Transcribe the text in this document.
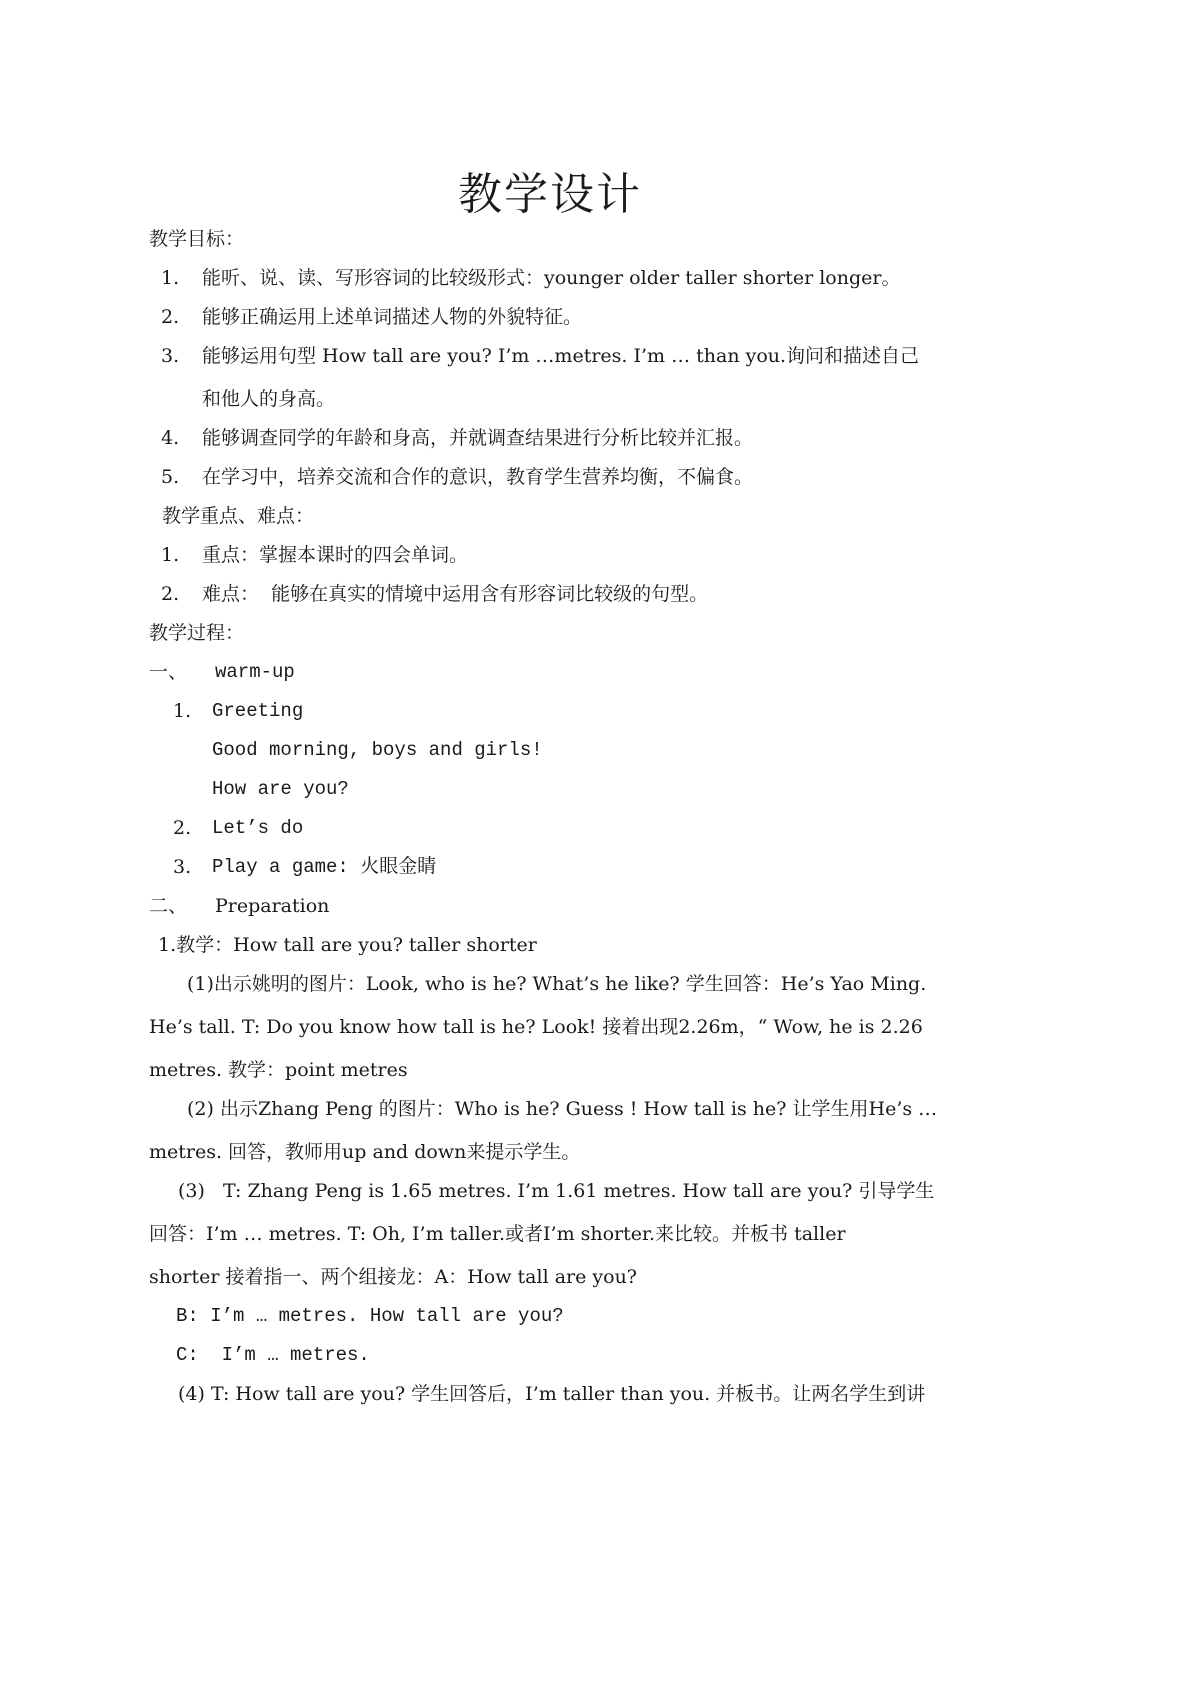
教学设计
教学目标：
1. 能听、说、读、写形容词的比较级形式：younger older taller shorter longer。
2. 能够正确运用上述单词描述人物的外貌特征。
3. 能够运用句型 How tall are you? I’m …metres. I’m … than you.询问和描述自己
和他人的身高。
4. 能够调查同学的年龄和身高，并就调查结果进行分析比较并汇报。
5. 在学习中，培养交流和合作的意识，教育学生营养均衡，不偏食。
教学重点、难点：
1. 重点：掌握本课时的四会单词。
2. 难点：  能够在真实的情境中运用含有形容词比较级的句型。
教学过程：
一、 warm-up
1. Greeting
Good morning, boys and girls!
How are you?
2. Let’s do
3. Play a game: 火眼金睛
二、 Preparation
1.教学：How tall are you? taller shorter
(1)出示姚明的图片：Look, who is he? What’s he like? 学生回答：He’s Yao Ming.
He’s tall. T: Do you know how tall is he? Look! 接着出现2.26m，“ Wow, he is 2.26
metres. 教学：point metres
(2) 出示Zhang Peng 的图片：Who is he? Guess ! How tall is he? 让学生用He’s …
metres. 回答，教师用up and down来提示学生。
(3)   T: Zhang Peng is 1.65 metres. I’m 1.61 metres. How tall are you? 引导学生
回答：I’m … metres. T: Oh, I’m taller.或者I’m shorter.来比较。并板书 taller
shorter 接着指一、两个组接龙：A：How tall are you?
B: I’m … metres. How tall are you?
C:  I’m … metres.
(4) T: How tall are you? 学生回答后，I’m taller than you. 并板书。让两名学生到讲
